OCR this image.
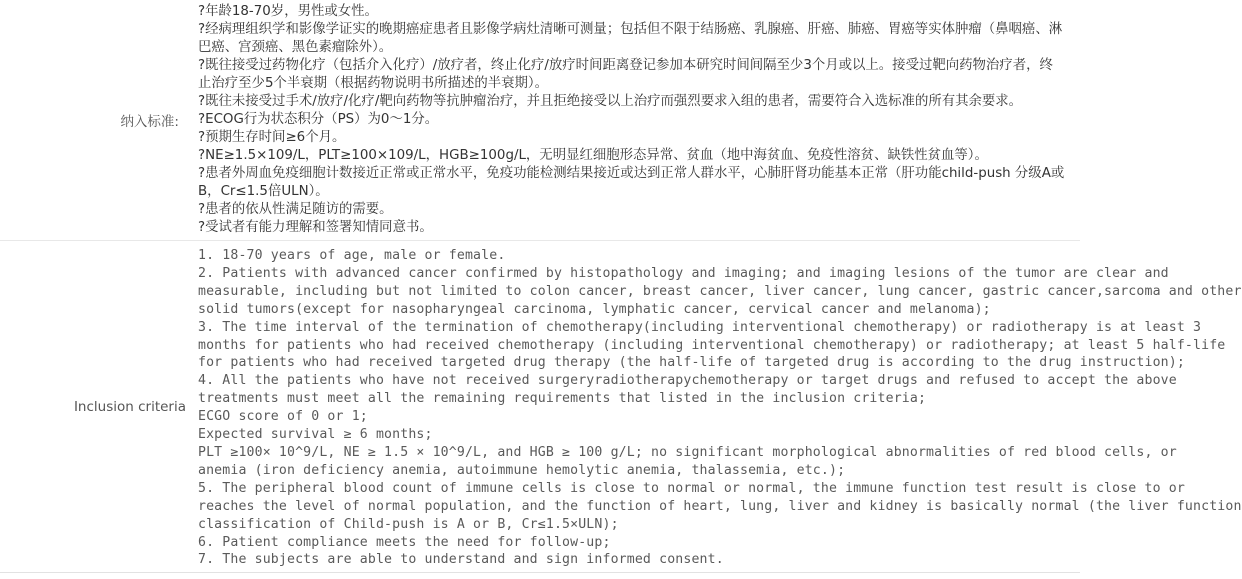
纳入标准:
?年龄18-70岁，男性或女性。
?经病理组织学和影像学证实的晚期癌症患者且影像学病灶清晰可测量；包括但不限于结肠癌、乳腺癌、肝癌、肺癌、胃癌等实体肿瘤（鼻咽癌、淋
巴癌、宫颈癌、黑色素瘤除外）。
?既往接受过药物化疗（包括介入化疗）/放疗者，终止化疗/放疗时间距离登记参加本研究时间间隔至少3个月或以上。接受过靶向药物治疗者，终
止治疗至少5个半衰期（根据药物说明书所描述的半衰期）。
?既往未接受过手术/放疗/化疗/靶向药物等抗肿瘤治疗，并且拒绝接受以上治疗而强烈要求入组的患者，需要符合入选标准的所有其余要求。
?ECOG行为状态积分（PS）为0～1分。
?预期生存时间≥6个月。
?NE≥1.5×109/L，PLT≥100×109/L，HGB≥100g/L，无明显红细胞形态异常、贫血（地中海贫血、免疫性溶贫、缺铁性贫血等）。
?患者外周血免疫细胞计数接近正常或正常水平，免疫功能检测结果接近或达到正常人群水平，心肺肝肾功能基本正常（肝功能child-push 分级A或
B，Cr≤1.5倍ULN）。
?患者的依从性满足随访的需要。
?受试者有能力理解和签署知情同意书。
Inclusion criteria
1. 18-70 years of age, male or female.
2. Patients with advanced cancer confirmed by histopathology and imaging; and imaging lesions of the tumor are clear and
measurable, including but not limited to colon cancer, breast cancer, liver cancer, lung cancer, gastric cancer,sarcoma and other
solid tumors(except for nasopharyngeal carcinoma, lymphatic cancer, cervical cancer and melanoma);
3. The time interval of the termination of chemotherapy(including interventional chemotherapy) or radiotherapy is at least 3
months for patients who had received chemotherapy (including interventional chemotherapy) or radiotherapy; at least 5 half-life
for patients who had received targeted drug therapy (the half-life of targeted drug is according to the drug instruction);
4. All the patients who have not received surgeryradiotherapychemotherapy or target drugs and refused to accept the above
treatments must meet all the remaining requirements that listed in the inclusion criteria;
ECGO score of 0 or 1;
Expected survival ≥ 6 months;
PLT ≥100× 10^9/L, NE ≥ 1.5 × 10^9/L, and HGB ≥ 100 g/L; no significant morphological abnormalities of red blood cells, or
anemia (iron deficiency anemia, autoimmune hemolytic anemia, thalassemia, etc.);
5. The peripheral blood count of immune cells is close to normal or normal, the immune function test result is close to or
reaches the level of normal population, and the function of heart, lung, liver and kidney is basically normal (the liver function
classification of Child-push is A or B, Cr≤1.5×ULN);
6. Patient compliance meets the need for follow-up;
7. The subjects are able to understand and sign informed consent.
